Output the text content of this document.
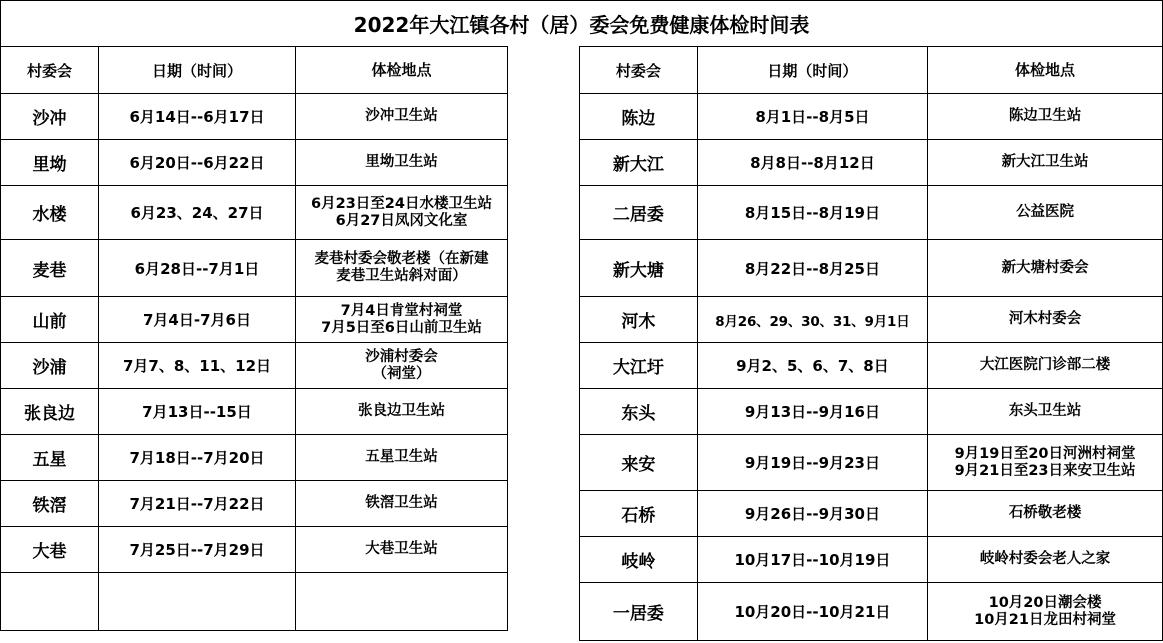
2022年大江镇各村（居）委会免费健康体检时间表
村委会	日期（时间）	体检地点
沙冲	6月14日--6月17日	沙冲卫生站

里坳	6月20日--6月22日	里坳卫生站

水楼	6月23、24、27日	6月23日至24日水楼卫生站
6月27日凤冈文化室

麦巷	6月28日--7月1日	麦巷村委会敬老楼（在新建
麦巷卫生站斜对面）

山前	7月4日-7月6日	7月4日肯堂村祠堂
7月5日至6日山前卫生站

沙浦	7月7、8、11、12日	沙浦村委会
（祠堂）

张良边	7月13日--15日	张良边卫生站

五星	7月18日--7月20日	五星卫生站

铁滘	7月21日--7月22日	铁滘卫生站

大巷	7月25日--7月29日	大巷卫生站

村委会	日期（时间）	体检地点
陈边	8月1日--8月5日	陈边卫生站

新大江	8月8日--8月12日	新大江卫生站

二居委	8月15日--8月19日	公益医院

新大塘	8月22日--8月25日	新大塘村委会

河木	8月26、29、30、31、9月1日	河木村委会

大江圩	9月2、5、6、7、8日	大江医院门诊部二楼

东头	9月13日--9月16日	东头卫生站

来安	9月19日--9月23日	9月19日至20日河洲村祠堂
9月21日至23日来安卫生站

石桥	9月26日--9月30日	石桥敬老楼

岐岭	10月17日--10月19日	岐岭村委会老人之家

一居委	10月20日--10月21日	10月20日潮会楼
10月21日龙田村祠堂
